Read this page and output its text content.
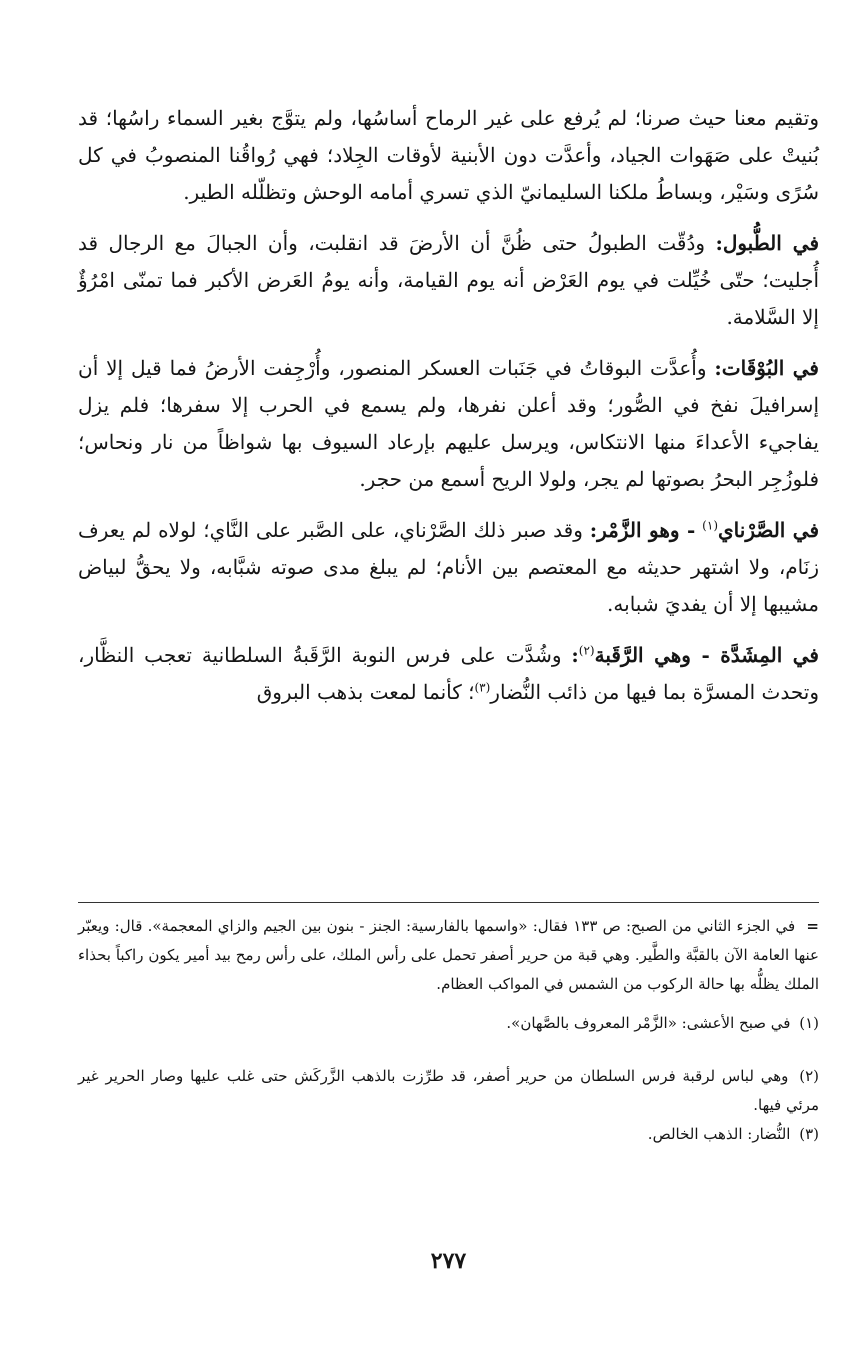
وتقيم معنا حيث صرنا؛ لم يُرفع على غير الرماح أساسُها، ولم يتوَّج بغير السماء راسُها؛ قد بُنيتْ على صَهَوات الجياد، وأعدَّت دون الأبنية لأوقات الجِلاد؛ فهي رُواقُنا المنصوبُ في كل سُرًى وسَيْر، وبساطُ ملكنا السليمانيّ الذي تسري أمامه الوحش وتظلّله الطير.

في الطُّبول: ودُقّت الطبولُ حتى ظُنَّ أن الأرضَ قد انقلبت، وأن الجبالَ مع الرجال قد أُجليت؛ حتّى خُيِّلت في يوم العَرْض أنه يوم القيامة، وأنه يومُ العَرض الأكبر فما تمنّى امْرُؤٌ إلا السَّلامة.

في البُوْقَات: وأُعدَّت البوقاتُ في جَنَبات العسكر المنصور، وأُرْجِفت الأرضُ فما قيل إلا أن إسرافيلَ نفخ في الصُّور؛ وقد أعلن نفرها، ولم يسمع في الحرب إلا سفرها؛ فلم يزل يفاجيء الأعداءَ منها الانتكاس، ويرسل عليهم بإرعاد السيوف بها شواظاً من نار ونحاس؛ فلوزُجِر البحرُ بصوتها لم يجر، ولولا الريح أسمع من حجر.

في الصَّرْناي$^{(١)}$ - وهو الزَّمْر: وقد صبر ذلك الصَّرْناي، على الصَّبر على النَّاي؛ لولاه لم يعرف زنَام، ولا اشتهر حديثه مع المعتصم بين الأنام؛ لم يبلغ مدى صوته شبَّابه، ولا يحقُّ لبياض مشيبها إلا أن يفديَ شبابه.

في المِشَدَّة - وهي الرَّقَبة$^{(٢)}$: وشُدَّت على فرس النوبة الرَّقَبةُ السلطانية تعجب النظَّار، وتحدث المسرَّة بما فيها من ذائب النُّضار$^{(٣)}$؛ كأنما لمعت بذهب البروق

= في الجزء الثاني من الصبح: ص ١٣٣ فقال: «واسمها بالفارسية: الجنز - بنون بين الجيم والزاي المعجمة». قال: ويعبّر عنها العامة الآن بالقبَّة والطَّير. وهي قبة من حرير أصفر تحمل على رأس الملك، على رأس رمح بيد أمير يكون راكباً بحذاء الملك يظلُّه بها حالة الركوب من الشمس في المواكب العظام.

(١) في صبح الأعشى: «الزَّمْر المعروف بالصَّهان».

(٢) وهي لباس لرقبة فرس السلطان من حرير أصفر، قد طرِّزت بالذهب الزَّركَش حتى غلب عليها وصار الحرير غير مرئي فيها.

(٣) النُّضار: الذهب الخالص.

٢٧٧
